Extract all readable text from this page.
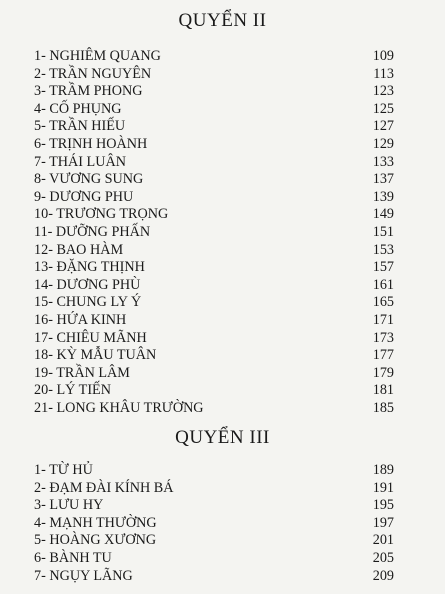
QUYỂN II
1- NGHIÊM QUANG	109
2- TRẦN NGUYÊN	113
3- TRẦM PHONG	123
4- CỐ PHỤNG	125
5- TRẦN HIẾU	127
6- TRỊNH HOÀNH	129
7- THÁI LUÂN	133
8- VƯƠNG SUNG	137
9- DƯƠNG PHU	139
10- TRƯƠNG TRỌNG	149
11- DƯỠNG PHẤN	151
12- BAO HÀM	153
13- ĐẶNG THỊNH	157
14- DƯƠNG PHÙ	161
15- CHUNG LY Ý	165
16- HỨA KINH	171
17- CHIÊU MÃNH	173
18- KỲ MẪU TUÂN	177
19- TRẦN LÂM	179
20- LÝ TIẾN	181
21- LONG KHÂU TRƯỜNG	185
QUYỂN III
1- TỪ HỦ	189
2- ĐẠM ĐÀI KÍNH BÁ	191
3- LƯU HY	195
4- MẠNH THƯỜNG	197
5- HOÀNG XƯƠNG	201
6- BÀNH TU	205
7- NGỤY LÃNG	209
